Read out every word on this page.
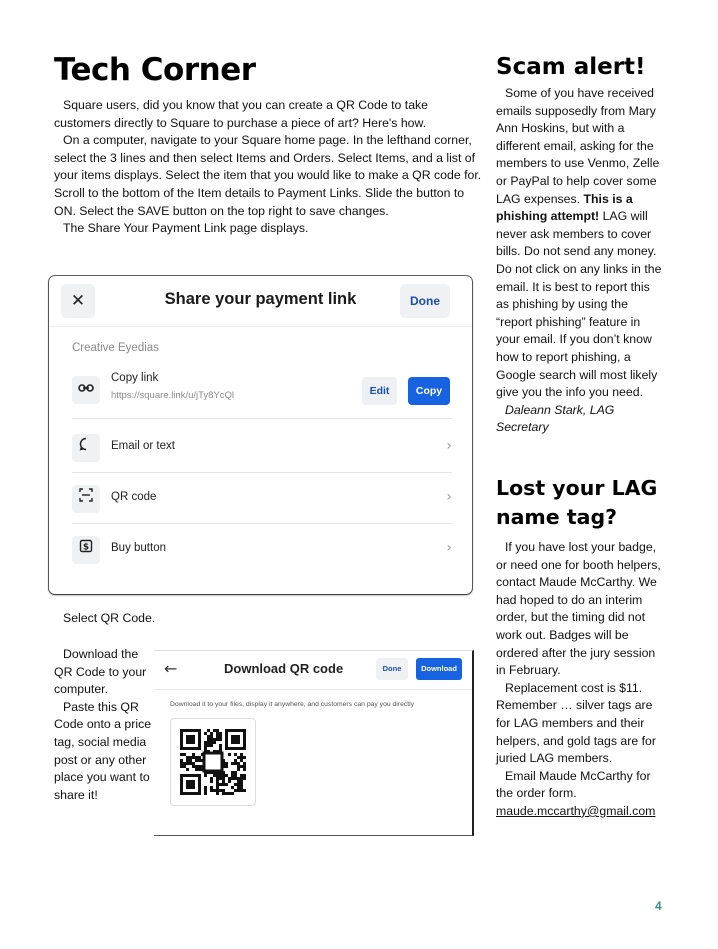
Tech Corner

Square users, did you know that you can create a QR Code to take customers directly to Square to purchase a piece of art? Here's how.

On a computer, navigate to your Square home page. In the lefthand corner, select the 3 lines and then select Items and Orders. Select Items, and a list of your items displays. Select the item that you would like to make a QR code for. Scroll to the bottom of the Item details to Payment Links. Slide the button to ON. Select the SAVE button on the top right to save changes.

The Share Your Payment Link page displays.

✕	Share your payment link	Done
Creative Eyedias
Copy link
https://square.link/u/jTy8YcQl	Edit	Copy
Email or text	›
QR code	›
$ Buy button	›
Select QR Code.

Download the QR Code to your computer.

Paste this QR Code onto a price tag, social media post or any other place you want to share it!

←	Download QR code	Done	Download
Download it to your files, display it anywhere, and customers can pay you directly
Scam alert!

Some of you have received emails supposedly from Mary Ann Hoskins, but with a different email, asking for the members to use Venmo, Zelle or PayPal to help cover some LAG expenses. This is a phishing attempt! LAG will never ask members to cover bills. Do not send any money. Do not click on any links in the email. It is best to report this as phishing by using the “report phishing” feature in your email. If you don’t know how to report phishing, a Google search will most likely give you the info you need.

Daleann Stark, LAG Secretary

Lost your LAG name tag?

If you have lost your badge, or need one for booth helpers, contact Maude McCarthy. We had hoped to do an interim order, but the timing did not work out. Badges will be ordered after the jury session in February.

Replacement cost is $11. Remember … silver tags are for LAG members and their helpers, and gold tags are for juried LAG members.

Email Maude McCarthy for the order form.

maude.mccarthy@gmail.com

4
